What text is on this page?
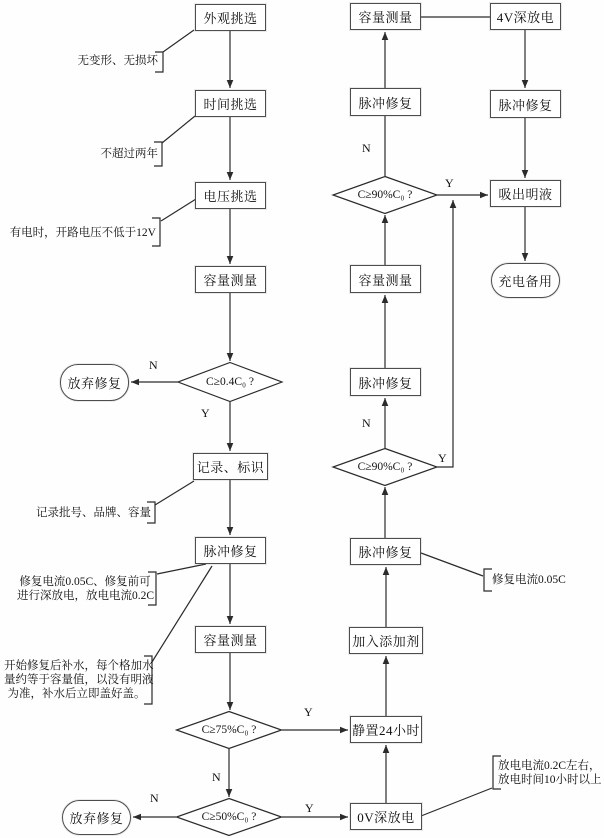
外观挑选
时间挑选
电压挑选
容量测量
放弃修复	C≥0.4C₀ ?
记录、标识
脉冲修复
容量测量
C≥75%C₀ ?
C≥50%C₀ ?
放弃修复
静置24小时
0V深放电
加入添加剂
脉冲修复
C≥90%C₀ ?
脉冲修复
容量测量
C≥90%C₀ ?
脉冲修复
容量测量	4V深放电
脉冲修复
吸出明液
充电备用
N
Y
Y
N
N
Y
Y
N
Y
N
无变形、无损坏
不超过两年
有电时，开路电压不低于12V
记录批号、品牌、容量
修复电流0.05C、修复前可
进行深放电，放电电流0.2C
开始修复后补水，每个格加水
量约等于容量值，以没有明液
为准，补水后立即盖好盖。
修复电流0.05C
放电电流0.2C左右，
放电时间10小时以上
